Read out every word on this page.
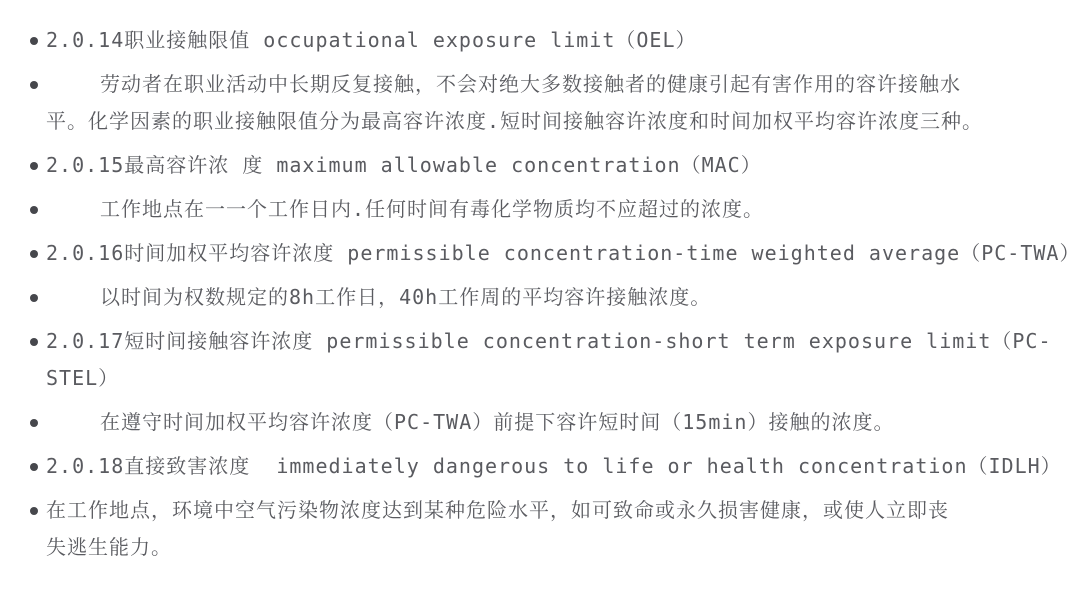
2.0.14职业接触限值 occupational exposure limit（OEL）
劳动者在职业活动中长期反复接触，不会对绝大多数接触者的健康引起有害作用的容许接触水
平。化学因素的职业接触限值分为最高容许浓度.短时间接触容许浓度和时间加权平均容许浓度三种。
2.0.15最高容许浓 度 maximum allowable concentration（MAC）
工作地点在一一个工作日内.任何时间有毒化学物质均不应超过的浓度。
2.0.16时间加权平均容许浓度 permissible concentration-time weighted average（PC-TWA）
以时间为权数规定的8h工作日，40h工作周的平均容许接触浓度。
2.0.17短时间接触容许浓度 permissible concentration-short term exposure limit（PC-
STEL）
在遵守时间加权平均容许浓度（PC-TWA）前提下容许短时间（15min）接触的浓度。
2.0.18直接致害浓度  immediately dangerous to life or health concentration（IDLH）
在工作地点，环境中空气污染物浓度达到某种危险水平，如可致命或永久损害健康，或使人立即丧
失逃生能力。
